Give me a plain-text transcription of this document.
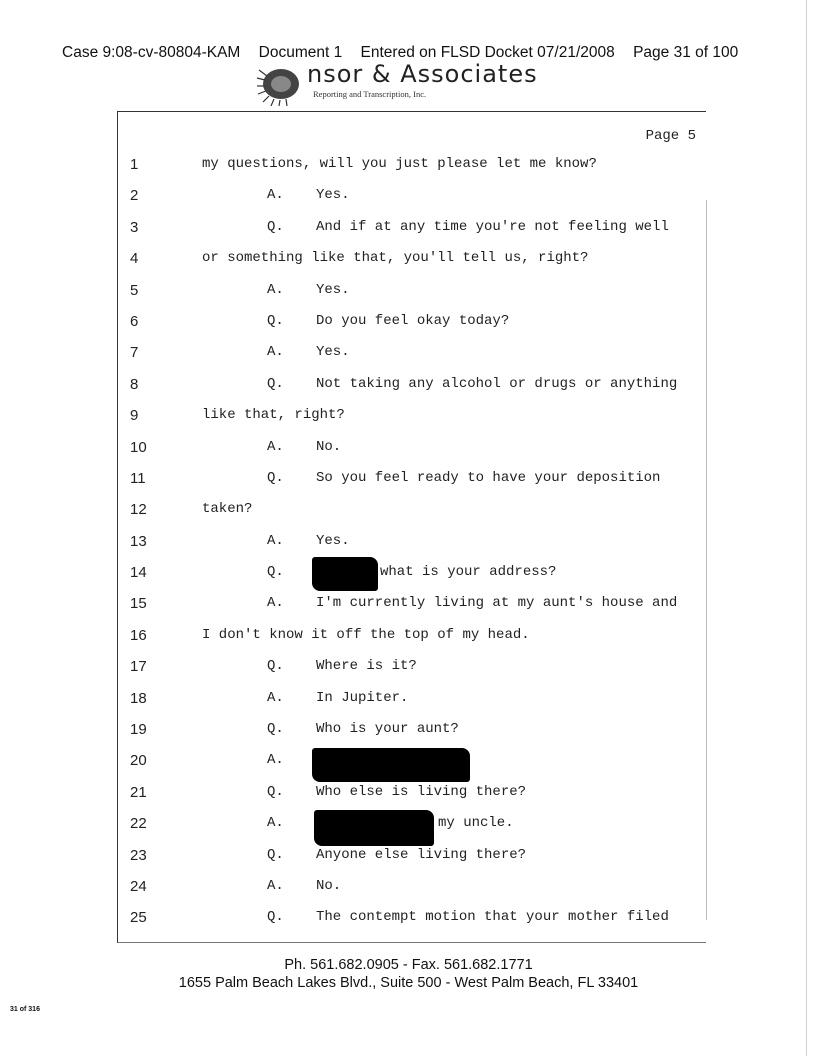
Case 9:08-cv-80804-KAM Document 1 Entered on FLSD Docket 07/21/2008 Page 31 of 100
nsor & Associates
Reporting and Transcription, Inc.
Page 5
1	my questions, will you just please let me know?
2	A. Yes.
3	Q. And if at any time you're not feeling well
4	or something like that, you'll tell us, right?
5	A. Yes.
6	Q. Do you feel okay today?
7	A. Yes.
8	Q. Not taking any alcohol or drugs or anything
9	like that, right?
10	A. No.
11	Q. So you feel ready to have your deposition
12	taken?
13	A. Yes.
14	Q.	what is your address?
15	A. I'm currently living at my aunt's house and
16	I don't know it off the top of my head.
17	Q. Where is it?
18	A. In Jupiter.
19	Q. Who is your aunt?
20	A.
21	Q. Who else is living there?
22	A.	my uncle.
23	Q. Anyone else living there?
24	A. No.
25	Q. The contempt motion that your mother filed
Ph. 561.682.0905 - Fax. 561.682.1771
1655 Palm Beach Lakes Blvd., Suite 500 - West Palm Beach, FL 33401
31 of 316
